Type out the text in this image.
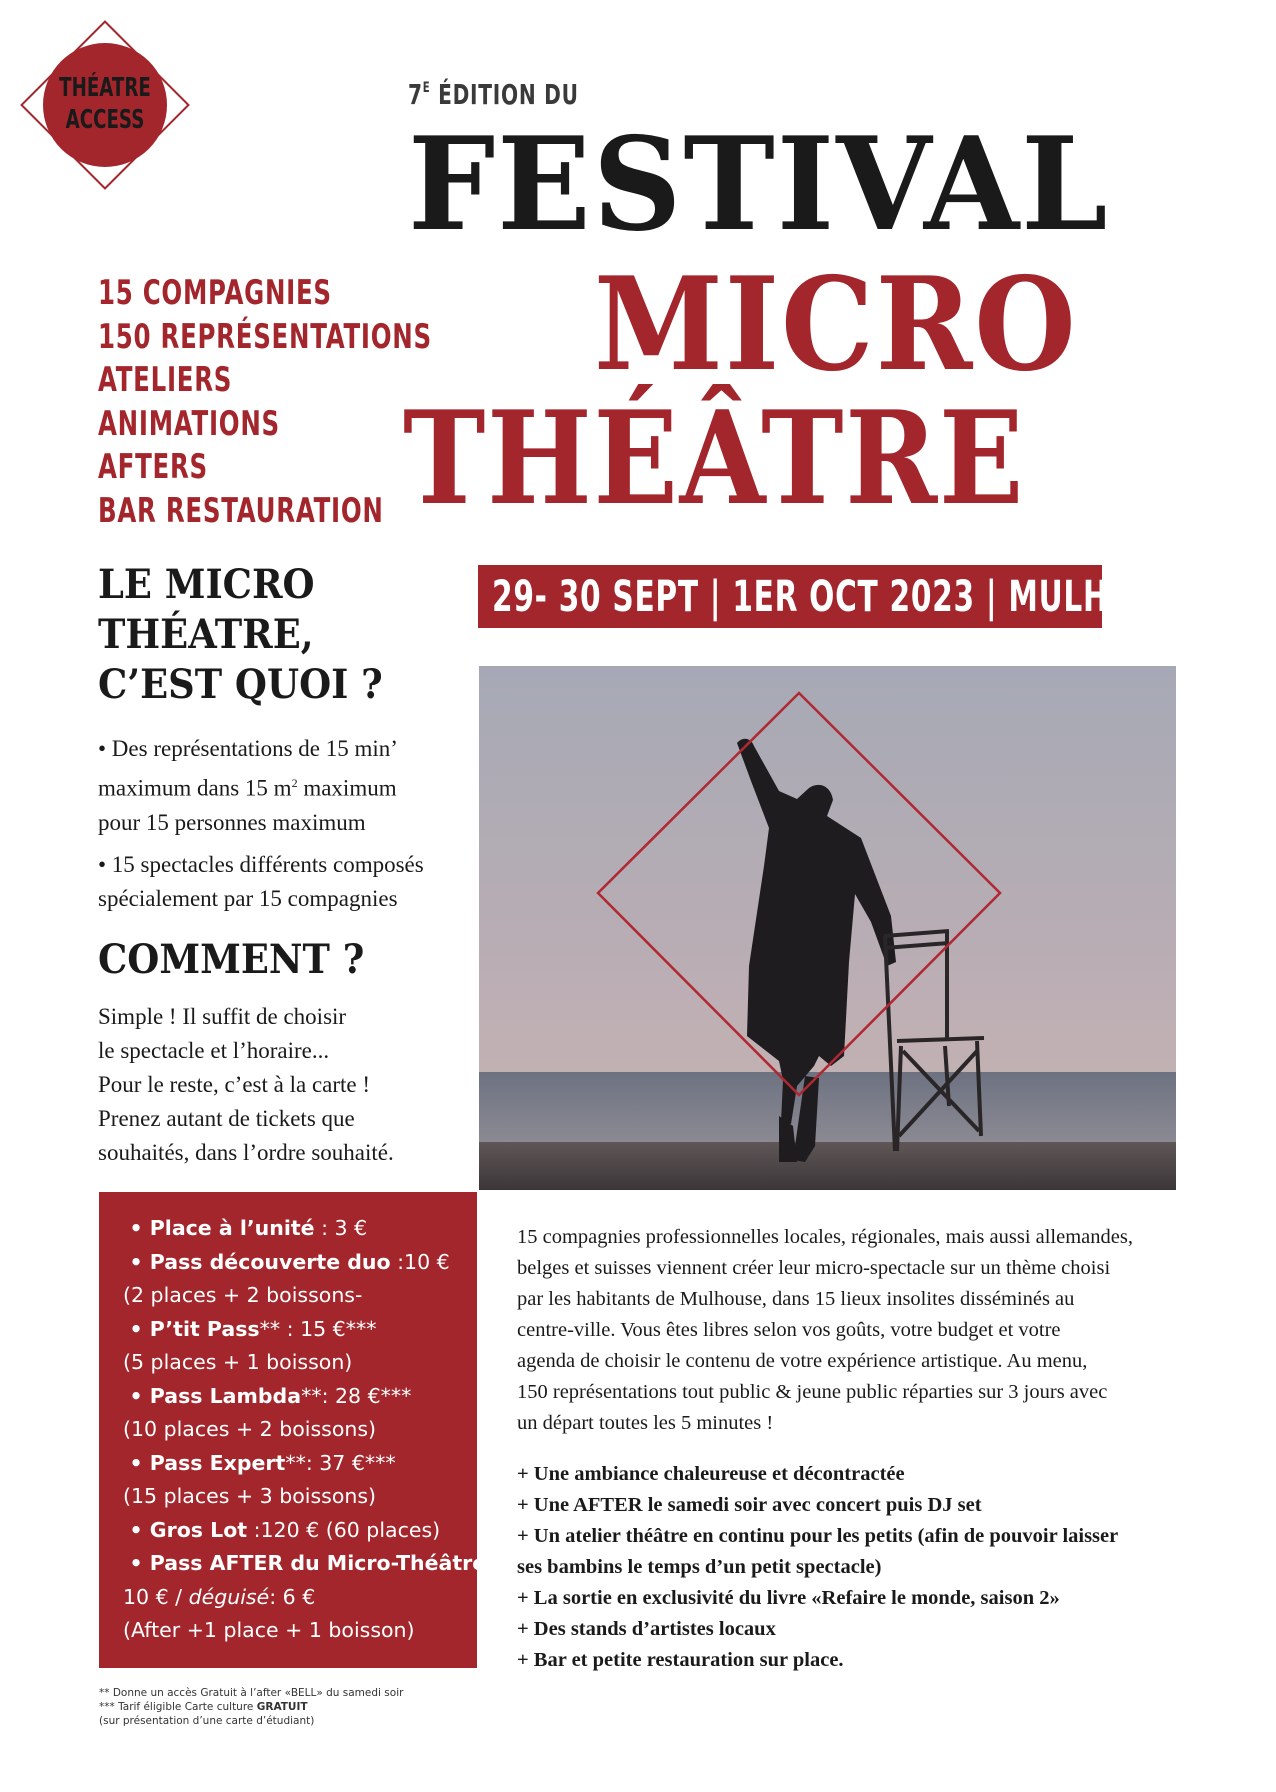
THÉATRE
ACCESS
$7^E$ ÉDITION DU
FESTIVAL
MICRO
THÉÂTRE
15 COMPAGNIES
150 REPRÉSENTATIONS
ATELIERS
ANIMATIONS
AFTERS
BAR RESTAURATION
29- 30 SEPT | 1ER OCT 2023 | MULHOUSE
LE MICRO
THÉATRE,
C’EST QUOI ?

• Des représentations de 15 min’
maximum dans 15 $m^2$ maximum
pour 15 personnes maximum

• 15 spectacles différents composés
spécialement par 15 compagnies

COMMENT ?
Simple ! Il suffit de choisir
le spectacle et l’horaire...
Pour le reste, c’est à la carte !
Prenez autant de tickets que
souhaités, dans l’ordre souhaité.
• Place à l’unité : 3 €
• Pass découverte duo :10 €
(2 places + 2 boissons-
• P’tit Pass** : 15 €***
(5 places + 1 boisson)
• Pass Lambda**: 28 €***
(10 places + 2 boissons)
• Pass Expert**: 37 €***
(15 places + 3 boissons)
• Gros Lot :120 € (60 places)
• Pass AFTER du Micro-Théâtre :
10 € / déguisé: 6 €
(After +1 place + 1 boisson)
** Donne un accès Gratuit à l’after «BELL» du samedi soir
*** Tarif éligible Carte culture GRATUIT
(sur présentation d’une carte d’étudiant)
15 compagnies professionnelles locales, régionales, mais aussi allemandes,
belges et suisses viennent créer leur micro-spectacle sur un thème choisi
par les habitants de Mulhouse, dans 15 lieux insolites disséminés au
centre-ville. Vous êtes libres selon vos goûts, votre budget et votre
agenda de choisir le contenu de votre expérience artistique. Au menu,
150 représentations tout public & jeune public réparties sur 3 jours avec
un départ toutes les 5 minutes !
+ Une ambiance chaleureuse et décontractée
+ Une AFTER le samedi soir avec concert puis DJ set
+ Un atelier théâtre en continu pour les petits (afin de pouvoir laisser
ses bambins le temps d’un petit spectacle)
+ La sortie en exclusivité du livre «Refaire le monde, saison 2»
+ Des stands d’artistes locaux
+ Bar et petite restauration sur place.
